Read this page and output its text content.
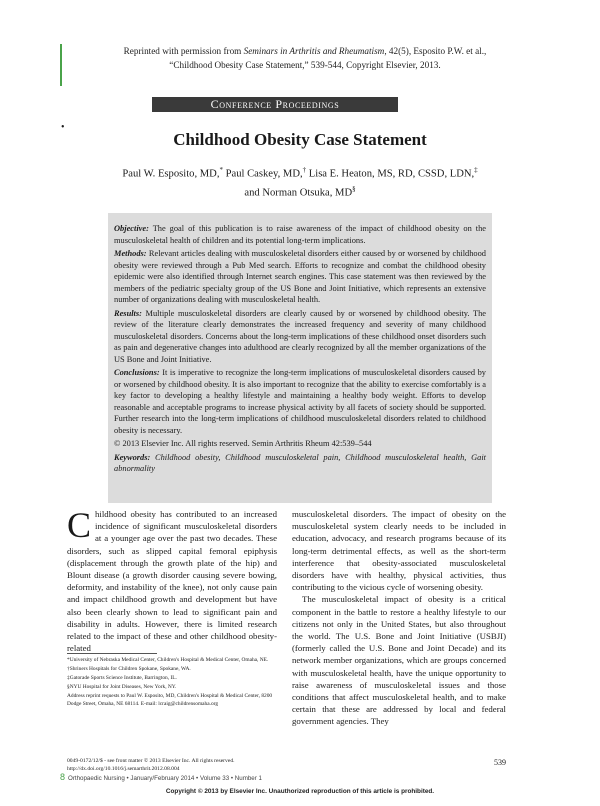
Reprinted with permission from Seminars in Arthritis and Rheumatism, 42(5), Esposito P.W. et al.,
“Childhood Obesity Case Statement,” 539-544, Copyright Elsevier, 2013.
Conference Proceedings
•
Childhood Obesity Case Statement
Paul W. Esposito, MD,* Paul Caskey, MD,† Lisa E. Heaton, MS, RD, CSSD, LDN,‡
and Norman Otsuka, MD§

Objective: The goal of this publication is to raise awareness of the impact of childhood obesity on the musculoskeletal health of children and its potential long-term implications.

Methods: Relevant articles dealing with musculoskeletal disorders either caused by or worsened by childhood obesity were reviewed through a Pub Med search. Efforts to recognize and combat the childhood obesity epidemic were also identified through Internet search engines. This case statement was then reviewed by the members of the pediatric specialty group of the US Bone and Joint Initiative, which represents an extensive number of organizations dealing with musculoskeletal health.

Results: Multiple musculoskeletal disorders are clearly caused by or worsened by childhood obesity. The review of the literature clearly demonstrates the increased frequency and severity of many childhood musculoskeletal disorders. Concerns about the long-term implications of these childhood onset disorders such as pain and degenerative changes into adulthood are clearly recognized by all the member organizations of the US Bone and Joint Initiative.

Conclusions: It is imperative to recognize the long-term implications of musculoskeletal disorders caused by or worsened by childhood obesity. It is also important to recognize that the ability to exercise comfortably is a key factor to developing a healthy lifestyle and maintaining a healthy body weight. Efforts to develop reasonable and acceptable programs to increase physical activity by all facets of society should be supported. Further research into the long-term implications of childhood musculoskeletal disorders related to childhood obesity is necessary.

© 2013 Elsevier Inc. All rights reserved. Semin Arthritis Rheum 42:539–544

Keywords: Childhood obesity, Childhood musculoskeletal pain, Childhood musculoskeletal health, Gait abnormality

Childhood obesity has contributed to an increased incidence of significant musculoskeletal disorders at a younger age over the past two decades. These disorders, such as slipped capital femoral epiphysis (displacement through the growth plate of the hip) and Blount disease (a growth disorder causing severe bowing, deformity, and instability of the knee), not only cause pain and impact childhood growth and development but have also been clearly shown to lead to significant pain and disability in adults. However, there is limited research related to the impact of these and other childhood obesity-related

musculoskeletal disorders. The impact of obesity on the musculoskeletal system clearly needs to be included in education, advocacy, and research programs because of its long-term detrimental effects, as well as the short-term interference that obesity-associated musculoskeletal disorders have with healthy, physical activities, thus contributing to the vicious cycle of worsening obesity.

The musculoskeletal impact of obesity is a critical component in the battle to restore a healthy lifestyle to our citizens not only in the United States, but also throughout the world. The U.S. Bone and Joint Initiative (USBJI) (formerly called the U.S. Bone and Joint Decade) and its network member organizations, which are groups concerned with musculoskeletal health, have the unique opportunity to raise awareness of musculoskeletal issues and those conditions that affect musculoskeletal health, and to make certain that these are addressed by local and federal government agencies. They

*University of Nebraska Medical Center, Children's Hospital & Medical Center, Omaha, NE.
†Shriners Hospitals for Children Spokane, Spokane, WA.
‡Gatorade Sports Science Institute, Barrington, IL.
§NYU Hospital for Joint Diseases, New York, NY.
Address reprint requests to Paul W. Esposito, MD, Children's Hospital & Medical Center, 8200 Dodge Street, Omaha, NE 68114. E-mail: lcraig@childrensomaha.org
0049-0172/12/$ - see front matter © 2013 Elsevier Inc. All rights reserved.
http://dx.doi.org/10.1016/j.semarthrit.2012.08.004
539
8 Orthopaedic Nursing • January/February 2014 • Volume 33 • Number 1
Copyright © 2013 by Elsevier Inc. Unauthorized reproduction of this article is prohibited.
